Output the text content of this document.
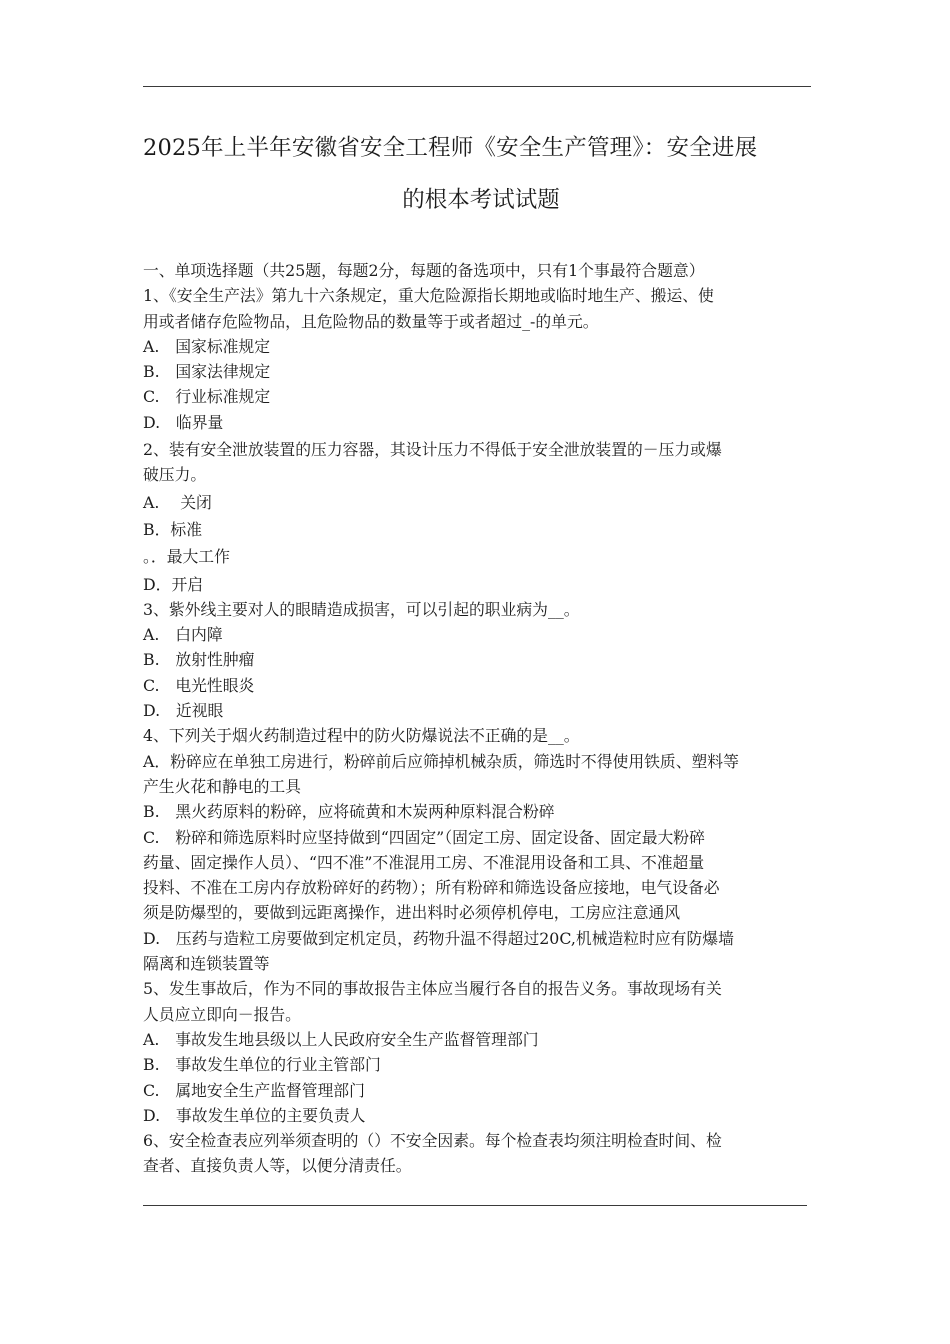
2025年上半年安徽省安全工程师《安全生产管理》：安全进展
的根本考试试题
一、单项选择题（共25题，每题2分，每题的备选项中，只有1个事最符合题意）
1、《安全生产法》第九十六条规定，重大危险源指长期地或临时地生产、搬运、使
用或者储存危险物品，且危险物品的数量等于或者超过_-的单元。
A.　国家标准规定
B.　国家法律规定
C.　行业标准规定
D.　临界量
2、装有安全泄放装置的压力容器，其设计压力不得低于安全泄放装置的－压力或爆
破压力。
A.　 关闭
B．标准
。．最大工作
D．开启
3、紫外线主要对人的眼睛造成损害，可以引起的职业病为__。
A.　白内障
B.　放射性肿瘤
C.　电光性眼炎
D.　近视眼
4、下列关于烟火药制造过程中的防火防爆说法不正确的是__。
A．粉碎应在单独工房进行，粉碎前后应筛掉机械杂质，筛选时不得使用铁质、塑料等
产生火花和静电的工具
B.　黑火药原料的粉碎，应将硫黄和木炭两种原料混合粉碎
C.　粉碎和筛选原料时应坚持做到“四固定”（固定工房、固定设备、固定最大粉碎
药量、固定操作人员）、“四不准”不准混用工房、不准混用设备和工具、不准超量
投料、不准在工房内存放粉碎好的药物）；所有粉碎和筛选设备应接地，电气设备必
须是防爆型的，要做到远距离操作，进出料时必须停机停电，工房应注意通风
D.　压药与造粒工房要做到定机定员，药物升温不得超过20C,机械造粒时应有防爆墙
隔离和连锁装置等
5、发生事故后，作为不同的事故报告主体应当履行各自的报告义务。事故现场有关
人员应立即向－报告。
A.　事故发生地县级以上人民政府安全生产监督管理部门
B.　事故发生单位的行业主管部门
C.　属地安全生产监督管理部门
D.　事故发生单位的主要负责人
6、安全检查表应列举须查明的（）不安全因素。每个检查表均须注明检查时间、检
查者、直接负责人等，以便分清责任。
